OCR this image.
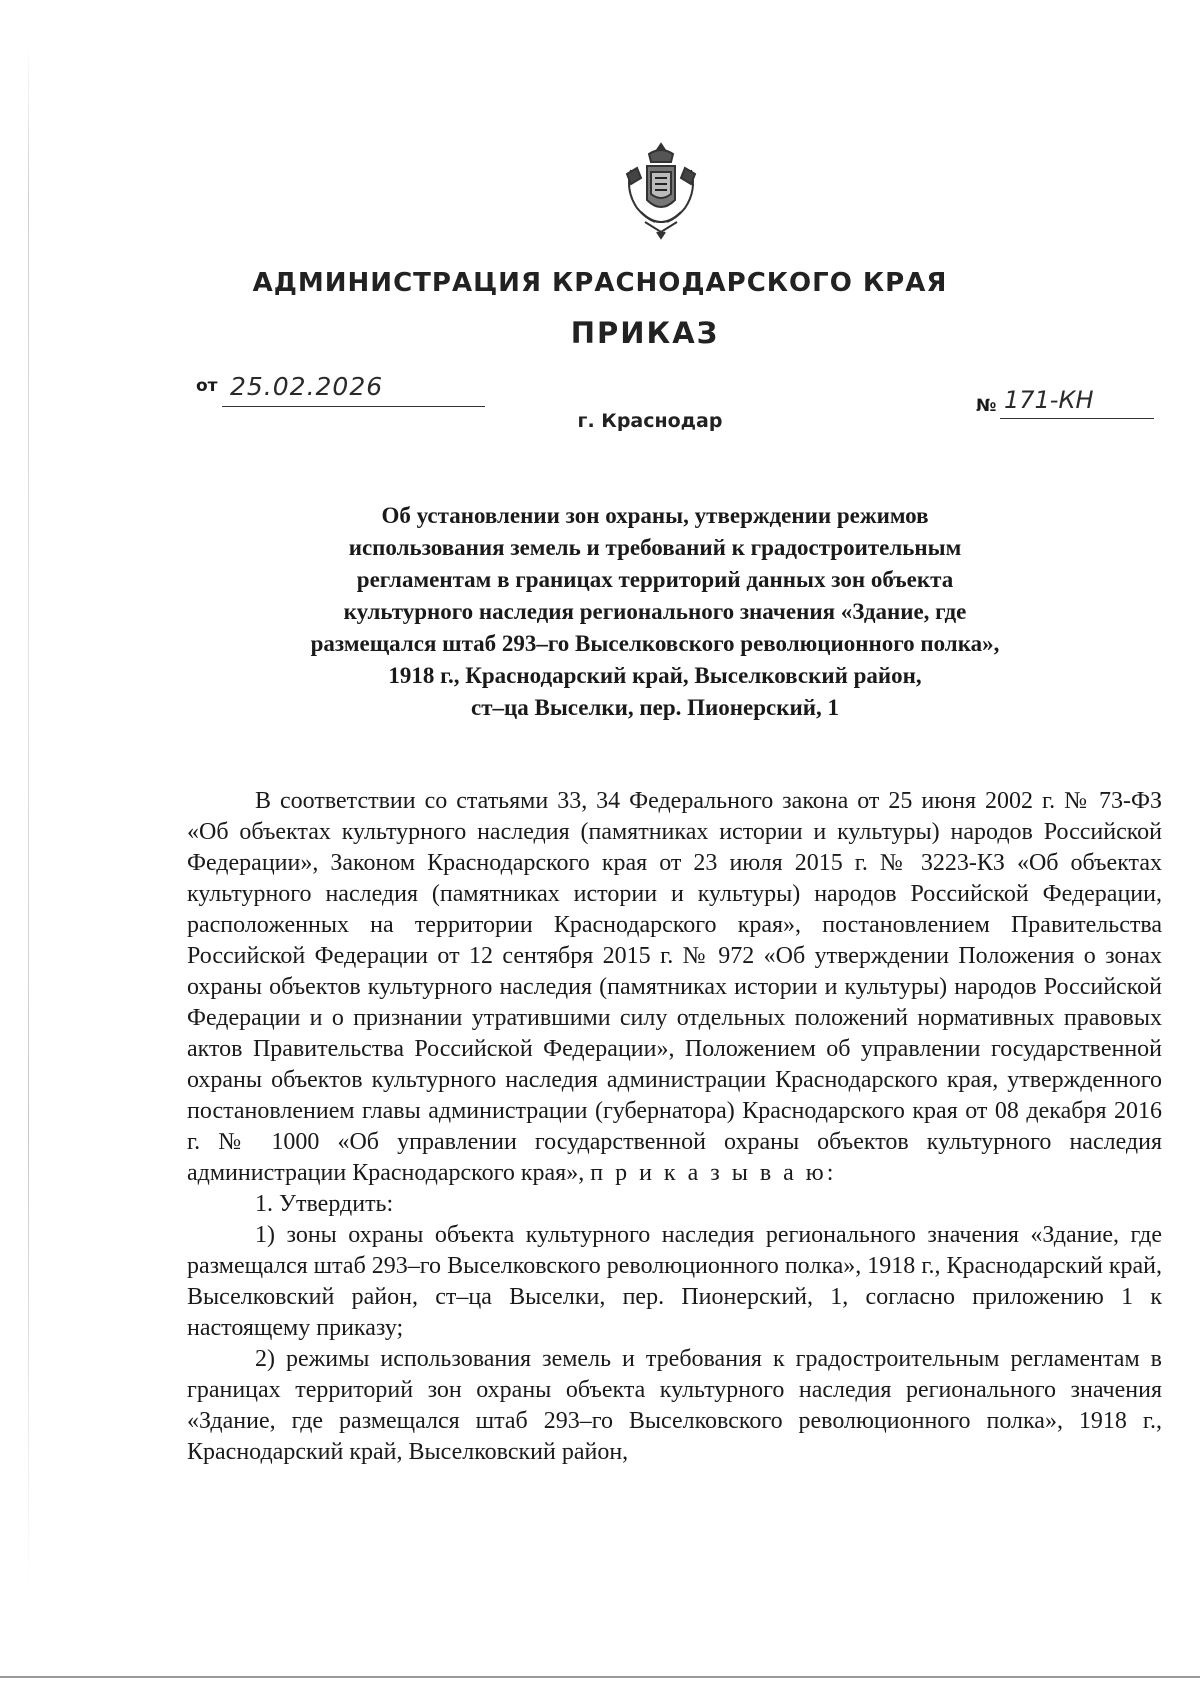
АДМИНИСТРАЦИЯ КРАСНОДАРСКОГО КРАЯ
ПРИКАЗ
от 25.02.2026
№ 171-КН
г. Краснодар
Об установлении зон охраны, утверждении режимов
использования земель и требований к градостроительным
регламентам в границах территорий данных зон объекта
культурного наследия регионального значения «Здание, где
размещался штаб 293–го Выселковского революционного полка»,
1918 г., Краснодарский край, Выселковский район,
ст–ца Выселки, пер. Пионерский, 1

В соответствии со статьями 33, 34 Федерального закона от 25 июня 2002 г. № 73-ФЗ «Об объектах культурного наследия (памятниках истории и культуры) народов Российской Федерации», Законом Краснодарского края от 23 июля 2015 г. № 3223-КЗ «Об объектах культурного наследия (памятниках истории и культуры) народов Российской Федерации, расположенных на территории Краснодарского края», постановлением Правительства Российской Федерации от 12 сентября 2015 г. № 972 «Об утверждении Положения о зонах охраны объектов культурного наследия (памятниках истории и культуры) народов Российской Федерации и о признании утратившими силу отдельных положений нормативных правовых актов Правительства Российской Федерации», Положением об управлении государственной охраны объектов культурного наследия администрации Краснодарского края, утвержденного постановлением главы администрации (губернатора) Краснодарского края от 08 декабря 2016 г. № 1000 «Об управлении государственной охраны объектов культурного наследия администрации Краснодарского края», п р и к а з ы в а ю:

1. Утвердить:

1) зоны охраны объекта культурного наследия регионального значения «Здание, где размещался штаб 293–го Выселковского революционного полка», 1918 г., Краснодарский край, Выселковский район, ст–ца Выселки, пер. Пионерский, 1, согласно приложению 1 к настоящему приказу;

2) режимы использования земель и требования к градостроительным регламентам в границах территорий зон охраны объекта культурного наследия регионального значения «Здание, где размещался штаб 293–го Выселковского революционного полка», 1918 г., Краснодарский край, Выселковский район,
